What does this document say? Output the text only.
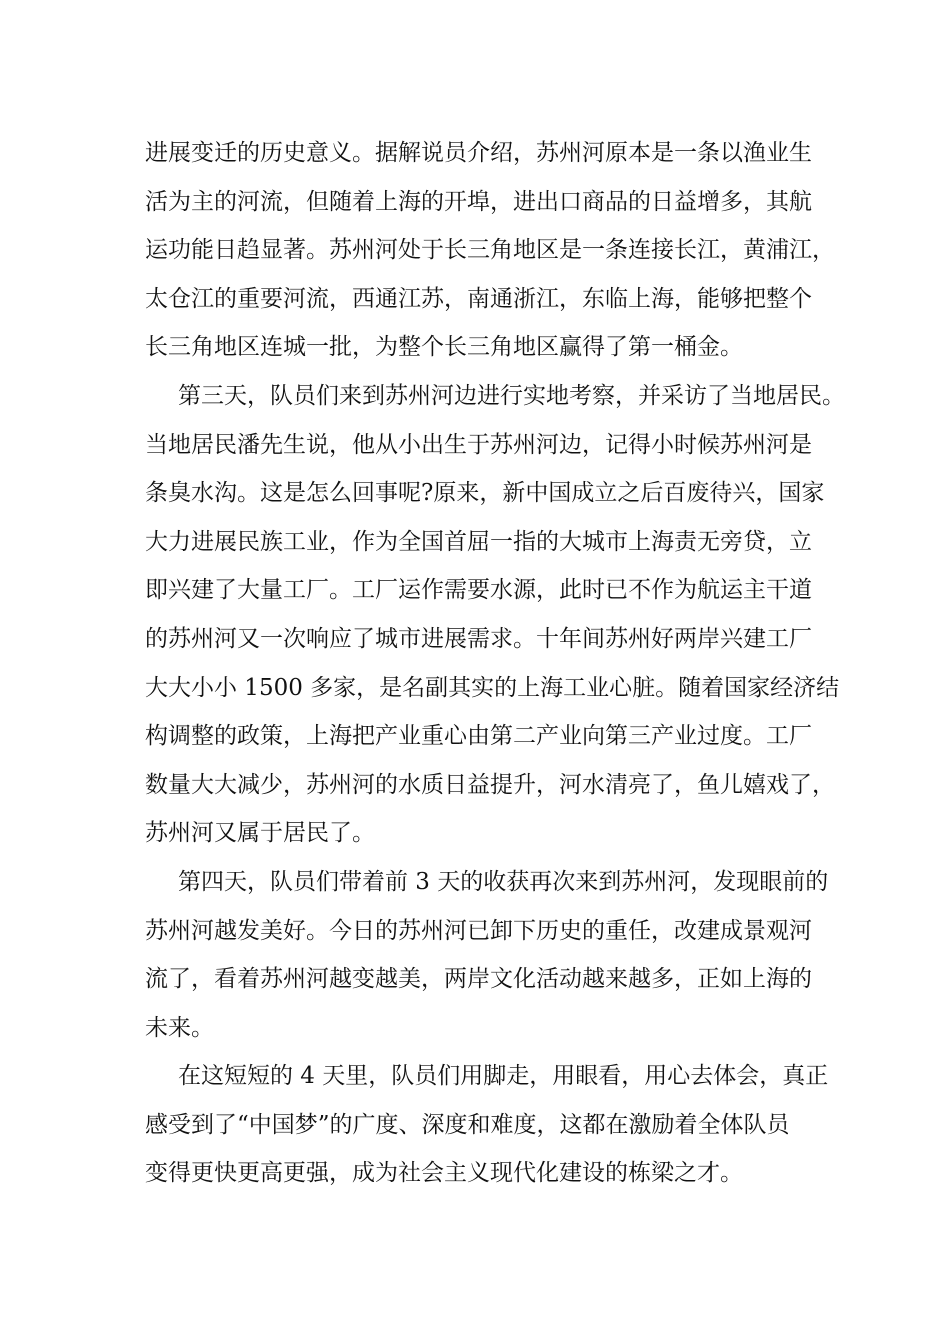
进展变迁的历史意义。据解说员介绍，苏州河原本是一条以渔业生
活为主的河流，但随着上海的开埠，进出口商品的日益增多，其航
运功能日趋显著。苏州河处于长三角地区是一条连接长江，黄浦江，
太仓江的重要河流，西通江苏，南通浙江，东临上海，能够把整个
长三角地区连城一批，为整个长三角地区赢得了第一桶金。
第三天，队员们来到苏州河边进行实地考察，并采访了当地居民。
当地居民潘先生说，他从小出生于苏州河边，记得小时候苏州河是
条臭水沟。这是怎么回事呢?原来，新中国成立之后百废待兴，国家
大力进展民族工业，作为全国首屈一指的大城市上海责无旁贷，立
即兴建了大量工厂。工厂运作需要水源，此时已不作为航运主干道
的苏州河又一次响应了城市进展需求。十年间苏州好两岸兴建工厂
大大小小 1500 多家，是名副其实的上海工业心脏。随着国家经济结
构调整的政策，上海把产业重心由第二产业向第三产业过度。工厂
数量大大减少，苏州河的水质日益提升，河水清亮了，鱼儿嬉戏了，
苏州河又属于居民了。
第四天，队员们带着前 3 天的收获再次来到苏州河，发现眼前的
苏州河越发美好。今日的苏州河已卸下历史的重任，改建成景观河
流了，看着苏州河越变越美，两岸文化活动越来越多，正如上海的
未来。
在这短短的 4 天里，队员们用脚走，用眼看，用心去体会，真正
感受到了“中国梦”的广度、深度和难度，这都在激励着全体队员
变得更快更高更强，成为社会主义现代化建设的栋梁之才。
